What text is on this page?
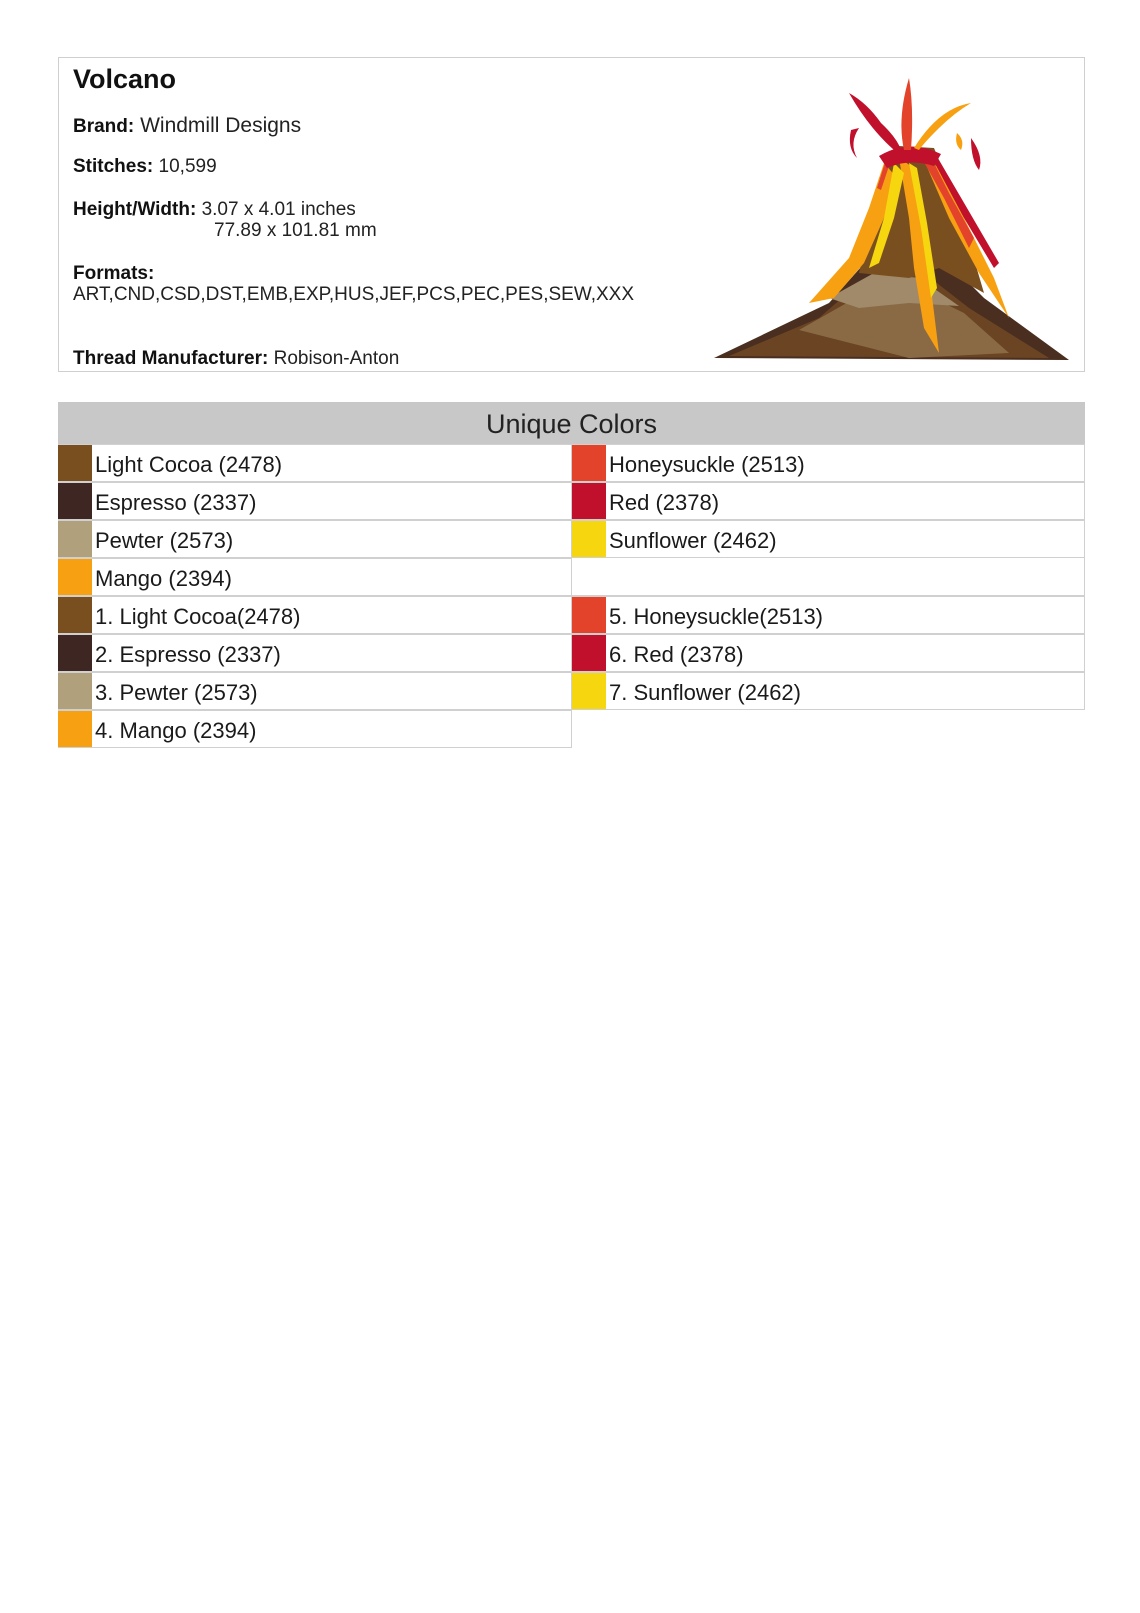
Volcano
Brand: Windmill Designs
Stitches: 10,599
Height/Width: 3.07 x 4.01 inches
77.89 x 101.81 mm
Formats:
ART,CND,CSD,DST,EMB,EXP,HUS,JEF,PCS,PEC,PES,SEW,XXX
Thread Manufacturer: Robison-Anton
Unique Colors
Light Cocoa (2478)
Espresso (2337)
Pewter (2573)
Mango (2394)
Honeysuckle (2513)
Red (2378)
Sunflower (2462)
1. Light Cocoa(2478)
2. Espresso (2337)
3. Pewter (2573)
4. Mango (2394)
5. Honeysuckle(2513)
6. Red (2378)
7. Sunflower (2462)
